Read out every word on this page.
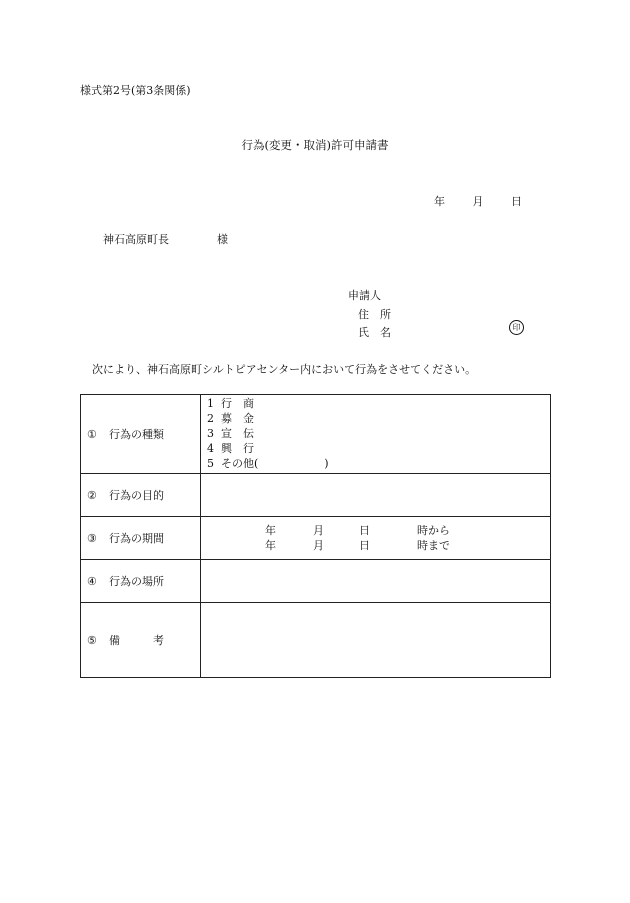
様式第2号(第3条関係)
行為(変更・取消)許可申請書
年	月	日
神石高原町長	様
申請人
住　所
氏　名	印
次により、神石高原町シルトピアセンター内において行為をさせてください。
① 行為の種類	1 行　商
2 募　金
3 宣　伝
4 興　行
5 その他(　　　　　　)

② 行為の目的	
③ 行為の期間	年 月 日 時から
年 月 日 時まで

④ 行為の場所	
⑤ 備　　　考	
